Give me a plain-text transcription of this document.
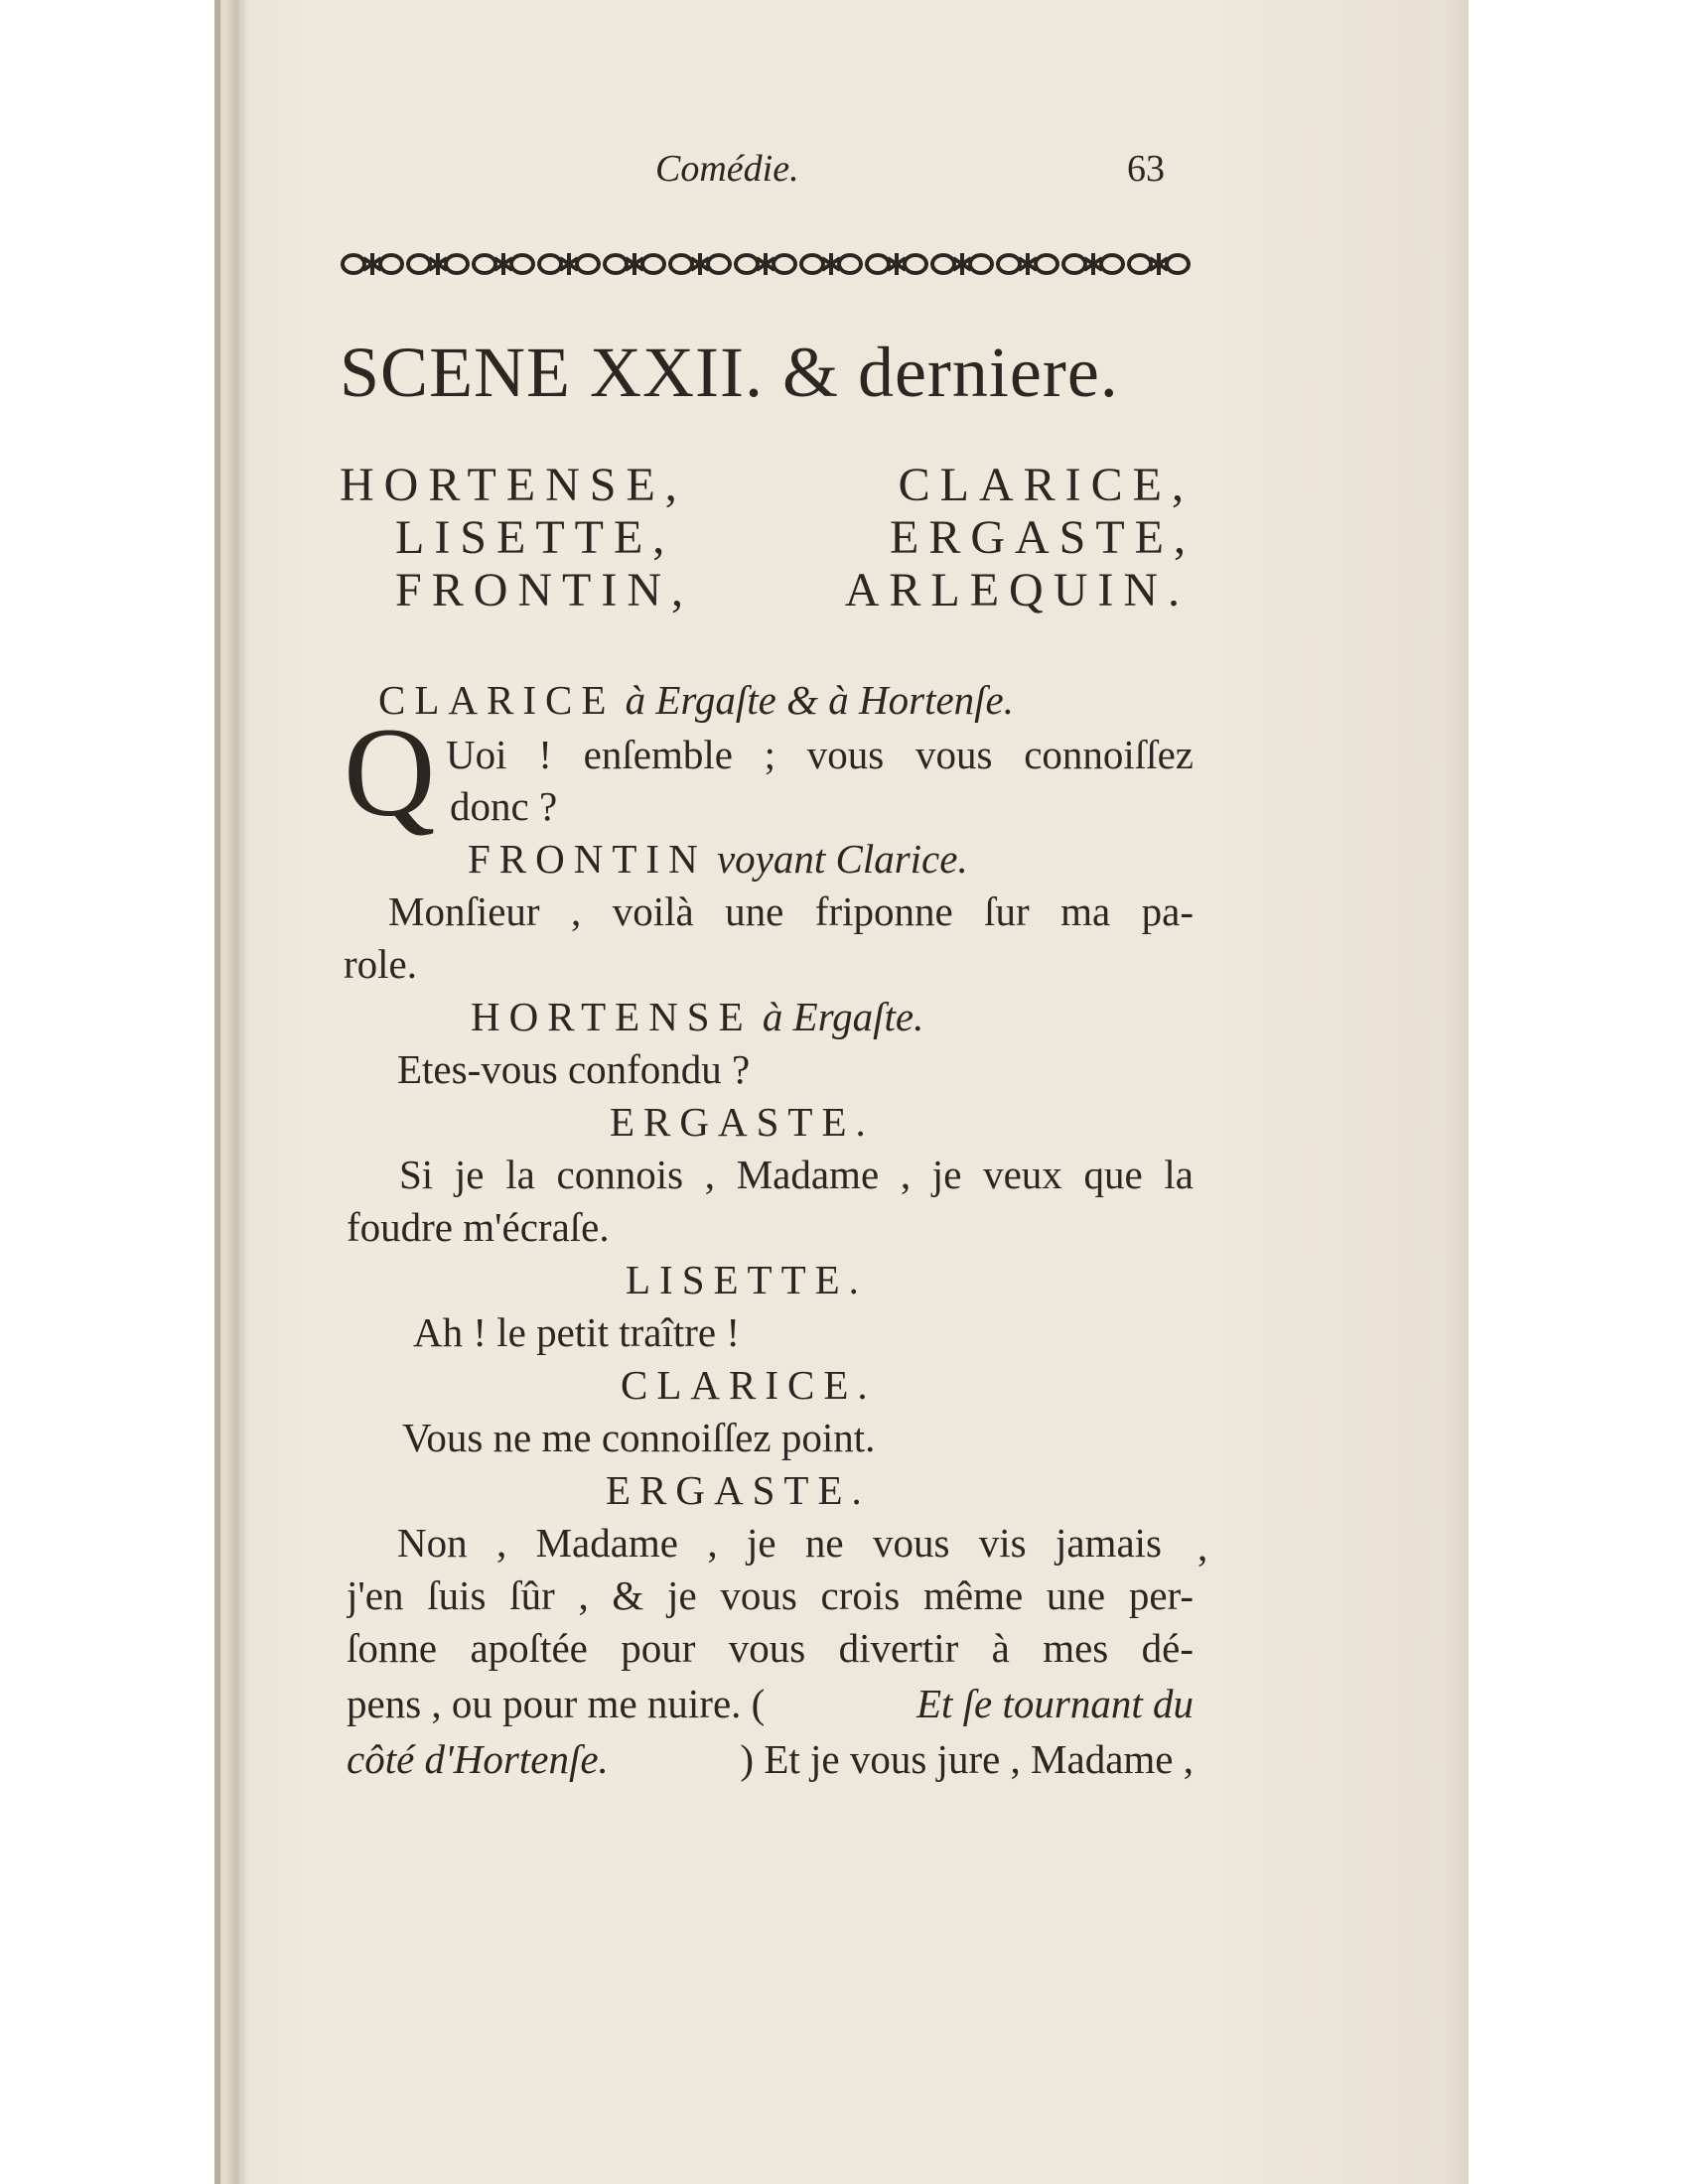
Comédie.	63
SCENE XXII. & derniere.
HORTENSE, CLARICE,
LISETTE, ERGASTE,
FRONTIN, ARLEQUIN.
CLARICE à Ergaſte & à Hortenſe.
Q Uoi ! enſemble ; vous vous connoiſſez
donc ?
FRONTIN voyant Clarice.
Monſieur , voilà une friponne ſur ma pa-
role.
HORTENSE à Ergaſte.
Etes-vous confondu ?
ERGASTE.
Si je la connois , Madame , je veux que la
foudre m'écraſe.
LISETTE.
Ah ! le petit traître !
CLARICE.
Vous ne me connoiſſez point.
ERGASTE.
Non , Madame , je ne vous vis jamais ,
j'en ſuis ſûr , & je vous crois même une per-
ſonne apoſtée pour vous divertir à mes dé-
pens , ou pour me nuire. (	Et ſe tournant du
côté d'Hortenſe.	) Et je vous jure , Madame ,
